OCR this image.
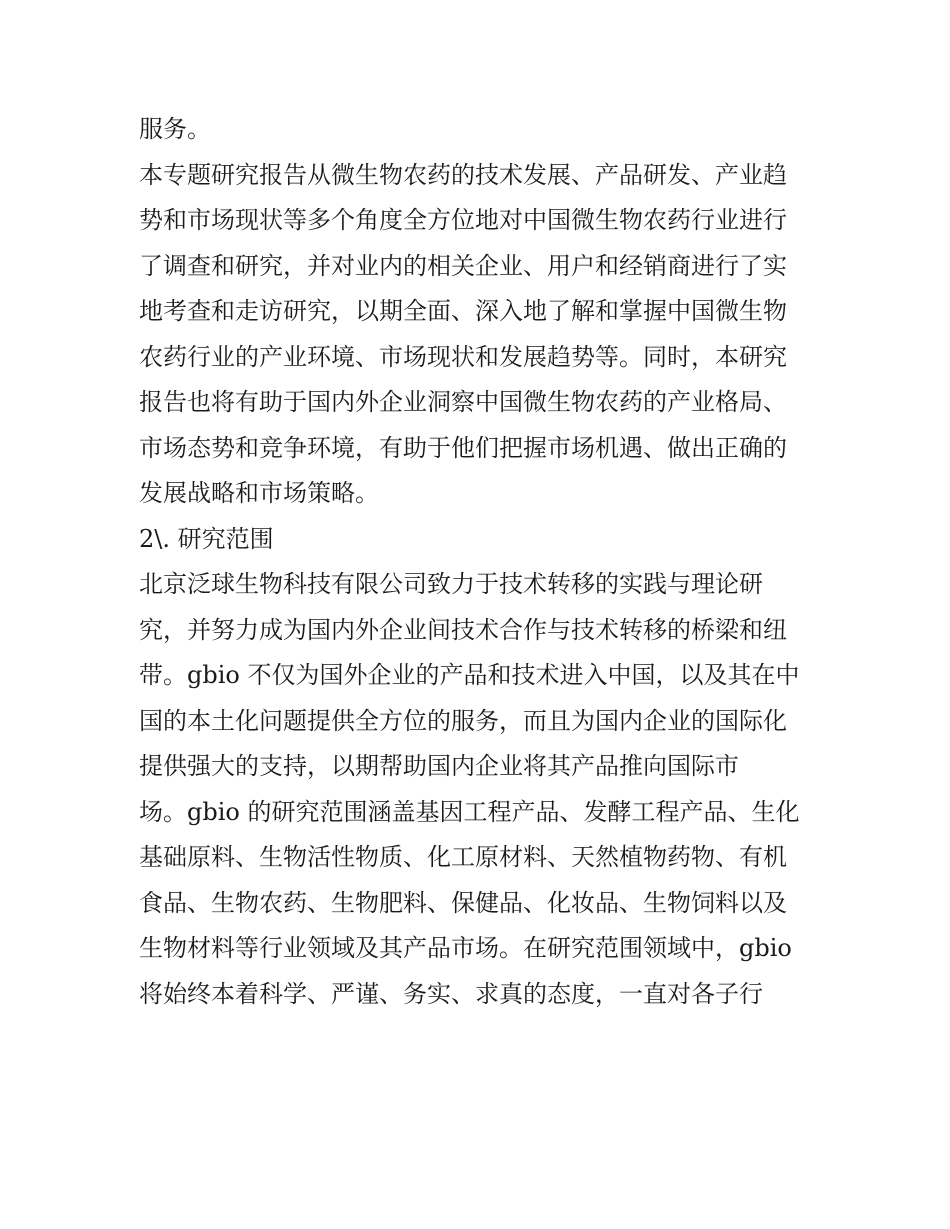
服务。
本专题研究报告从微生物农药的技术发展、产品研发、产业趋
势和市场现状等多个角度全方位地对中国微生物农药行业进行
了调查和研究，并对业内的相关企业、用户和经销商进行了实
地考查和走访研究，以期全面、深入地了解和掌握中国微生物
农药行业的产业环境、市场现状和发展趋势等。同时，本研究
报告也将有助于国内外企业洞察中国微生物农药的产业格局、
市场态势和竞争环境，有助于他们把握市场机遇、做出正确的
发展战略和市场策略。
2\. 研究范围
北京泛球生物科技有限公司致力于技术转移的实践与理论研
究，并努力成为国内外企业间技术合作与技术转移的桥梁和纽
带。gbio 不仅为国外企业的产品和技术进入中国，以及其在中
国的本土化问题提供全方位的服务，而且为国内企业的国际化
提供强大的支持，以期帮助国内企业将其产品推向国际市
场。gbio 的研究范围涵盖基因工程产品、发酵工程产品、生化
基础原料、生物活性物质、化工原材料、天然植物药物、有机
食品、生物农药、生物肥料、保健品、化妆品、生物饲料以及
生物材料等行业领域及其产品市场。在研究范围领域中，gbio
将始终本着科学、严谨、务实、求真的态度，一直对各子行
